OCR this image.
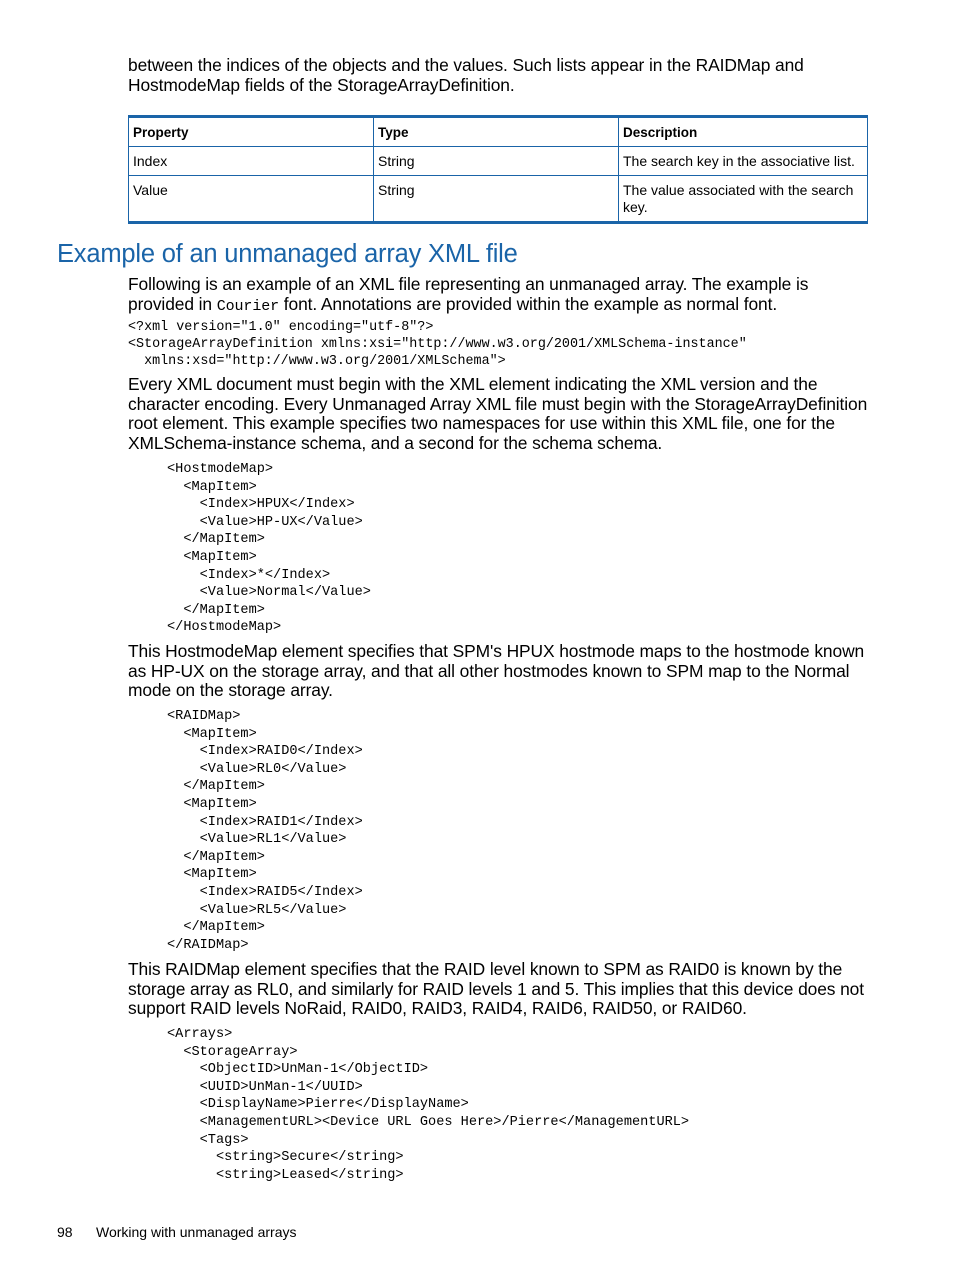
between the indices of the objects and the values. Such lists appear in the RAIDMap and
HostmodeMap fields of the StorageArrayDefinition.

Property	Type	Description
Index	String	The search key in the associative list.
Value	String	The value associated with the search key.
Example of an unmanaged array XML file

Following is an example of an XML file representing an unmanaged array. The example is provided in Courier font. Annotations are provided within the example as normal font.

<?xml version="1.0" encoding="utf-8"?>
<StorageArrayDefinition xmlns:xsi="http://www.w3.org/2001/XMLSchema-instance"
xmlns:xsd="http://www.w3.org/2001/XMLSchema">

Every XML document must begin with the XML element indicating the XML version and the character encoding. Every Unmanaged Array XML file must begin with the StorageArrayDefinition root element. This example specifies two namespaces for use within this XML file, one for the XMLSchema-instance schema, and a second for the schema schema.

<HostmodeMap>
<MapItem>
<Index>HPUX</Index>
<Value>HP-UX</Value>
</MapItem>
<MapItem>
<Index>*</Index>
<Value>Normal</Value>
</MapItem>
</HostmodeMap>

This HostmodeMap element specifies that SPM's HPUX hostmode maps to the hostmode known as HP-UX on the storage array, and that all other hostmodes known to SPM map to the Normal mode on the storage array.

<RAIDMap>
<MapItem>
<Index>RAID0</Index>
<Value>RL0</Value>
</MapItem>
<MapItem>
<Index>RAID1</Index>
<Value>RL1</Value>
</MapItem>
<MapItem>
<Index>RAID5</Index>
<Value>RL5</Value>
</MapItem>
</RAIDMap>

This RAIDMap element specifies that the RAID level known to SPM as RAID0 is known by the storage array as RL0, and similarly for RAID levels 1 and 5. This implies that this device does not support RAID levels NoRaid, RAID0, RAID3, RAID4, RAID6, RAID50, or RAID60.

<Arrays>
<StorageArray>
<ObjectID>UnMan-1</ObjectID>
<UUID>UnMan-1</UUID>
<DisplayName>Pierre</DisplayName>
<ManagementURL><Device URL Goes Here>/Pierre</ManagementURL>
<Tags>
<string>Secure</string>
<string>Leased</string>
98 Working with unmanaged arrays
